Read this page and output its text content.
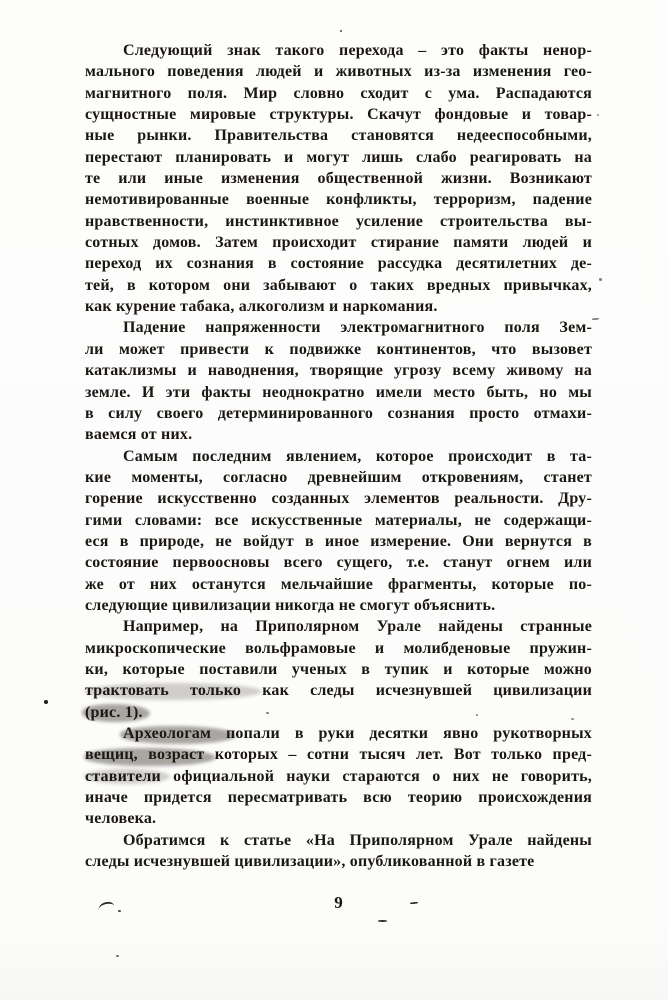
Следующий знак такого перехода – это факты ненор-
мального поведения людей и животных из-за изменения гео-
магнитного поля. Мир словно сходит с ума. Распадаются
сущностные мировые структуры. Скачут фондовые и товар-
ные рынки. Правительства становятся недееспособными,
перестают планировать и могут лишь слабо реагировать на
те или иные изменения общественной жизни. Возникают
немотивированные военные конфликты, терроризм, падение
нравственности, инстинктивное усиление строительства вы-
сотных домов. Затем происходит стирание памяти людей и
переход их сознания в состояние рассудка десятилетних де-
тей, в котором они забывают о таких вредных привычках,
как курение табака, алкоголизм и наркомания.
Падение напряженности электромагнитного поля Зем-
ли может привести к подвижке континентов, что вызовет
катаклизмы и наводнения, творящие угрозу всему живому на
земле. И эти факты неоднократно имели место быть, но мы
в силу своего детерминированного сознания просто отмахи-
ваемся от них.
Самым последним явлением, которое происходит в та-
кие моменты, согласно древнейшим откровениям, станет
горение искусственно созданных элементов реальности. Дру-
гими словами: все искусственные материалы, не содержащи-
еся в природе, не войдут в иное измерение. Они вернутся в
состояние первоосновы всего сущего, т.е. станут огнем или
же от них останутся мельчайшие фрагменты, которые по-
следующие цивилизации никогда не смогут объяснить.
Например, на Приполярном Урале найдены странные
микроскопические вольфрамовые и молибденовые пружин-
ки, которые поставили ученых в тупик и которые можно
трактовать только как следы исчезнувшей цивилизации
(рис. 1).
Археологам попали в руки десятки явно рукотворных
вещиц, возраст которых – сотни тысяч лет. Вот только пред-
ставители официальной науки стараются о них не говорить,
иначе придется пересматривать всю теорию происхождения
человека.
Обратимся к статье «На Приполярном Урале найдены
следы исчезнувшей цивилизации», опубликованной в газете
9
